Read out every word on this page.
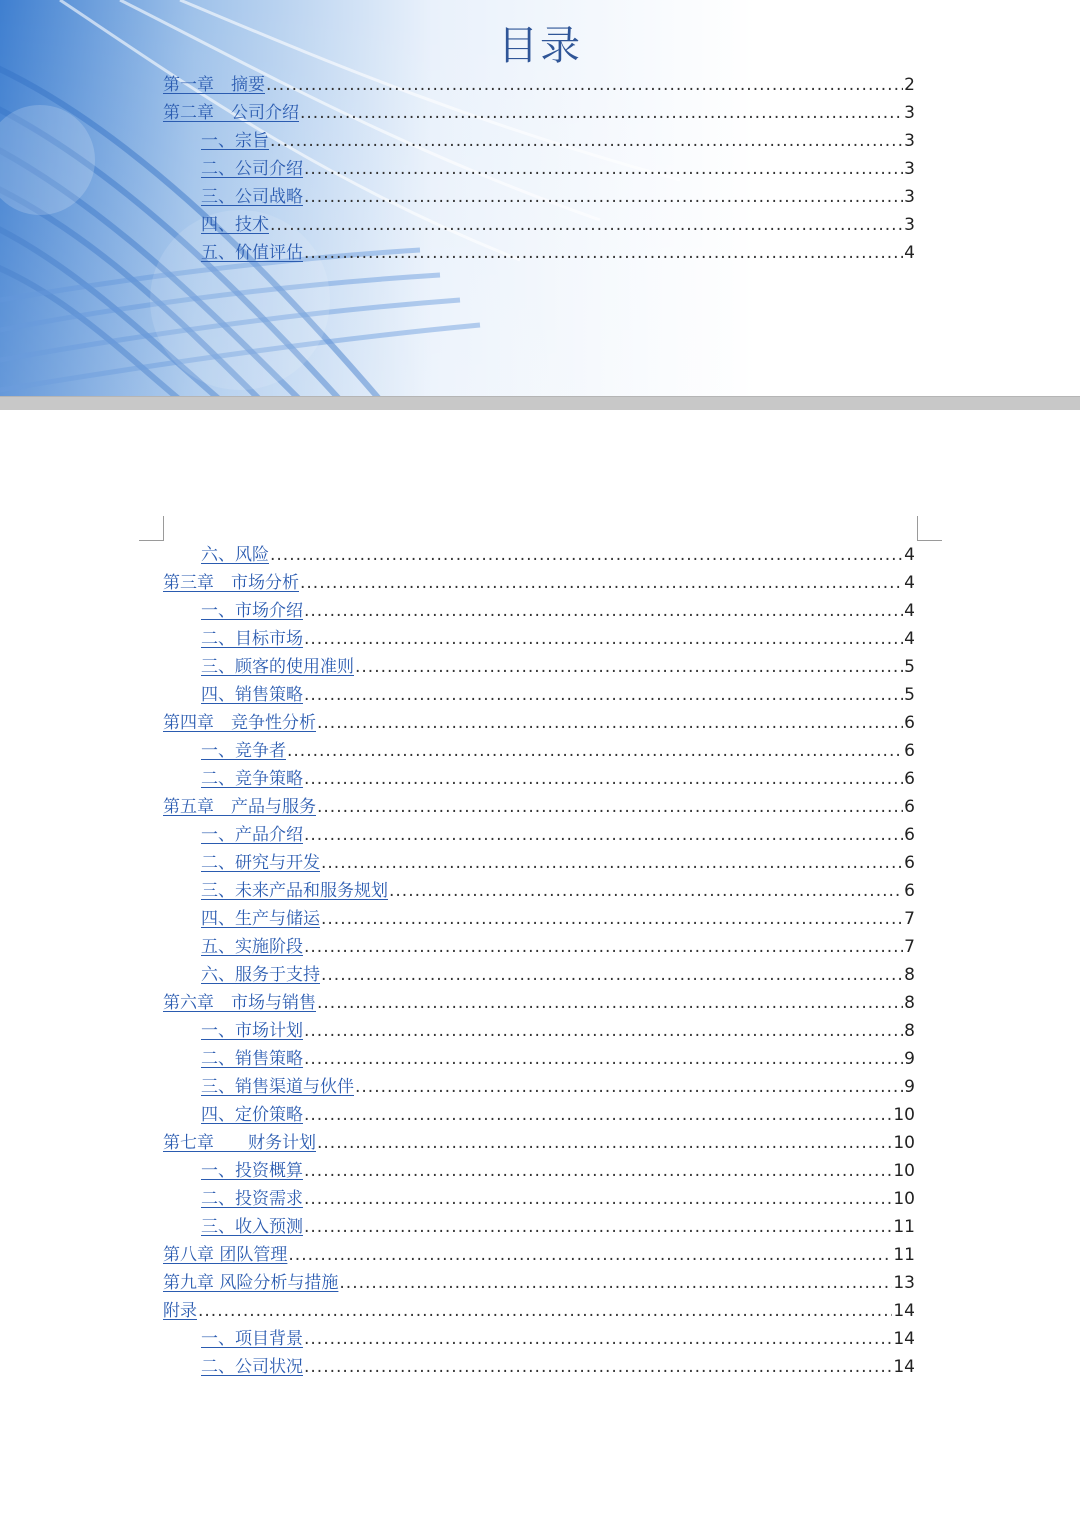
目录
第一章　摘要 .....	2
第二章　公司介绍 .....	3
一、宗旨 .....	3
二、公司介绍 .....	3
三、公司战略 .....	3
四、技术 .....	3
五、价值评估 .....	4
六、风险 .....	4
第三章　市场分析 .....	4
一、市场介绍 .....	4
二、目标市场 .....	4
三、顾客的使用准则 .....	5
四、销售策略 .....	5
第四章　竞争性分析 .....	6
一、竞争者 .....	6
二、竞争策略 .....	6
第五章　产品与服务 .....	6
一、产品介绍 .....	6
二、研究与开发 .....	6
三、未来产品和服务规划 .....	6
四、生产与储运 .....	7
五、实施阶段 .....	7
六、服务于支持 .....	8
第六章　市场与销售 .....	8
一、市场计划 .....	8
二、销售策略 .....	9
三、销售渠道与伙伴 .....	9
四、定价策略 .....	10
第七章　　财务计划 .....	10
一、投资概算 .....	10
二、投资需求 .....	10
三、收入预测 .....	11
第八章 团队管理 .....	11
第九章 风险分析与措施 .....	13
附录 .....	14
一、项目背景 .....	14
二、公司状况 .....	14
